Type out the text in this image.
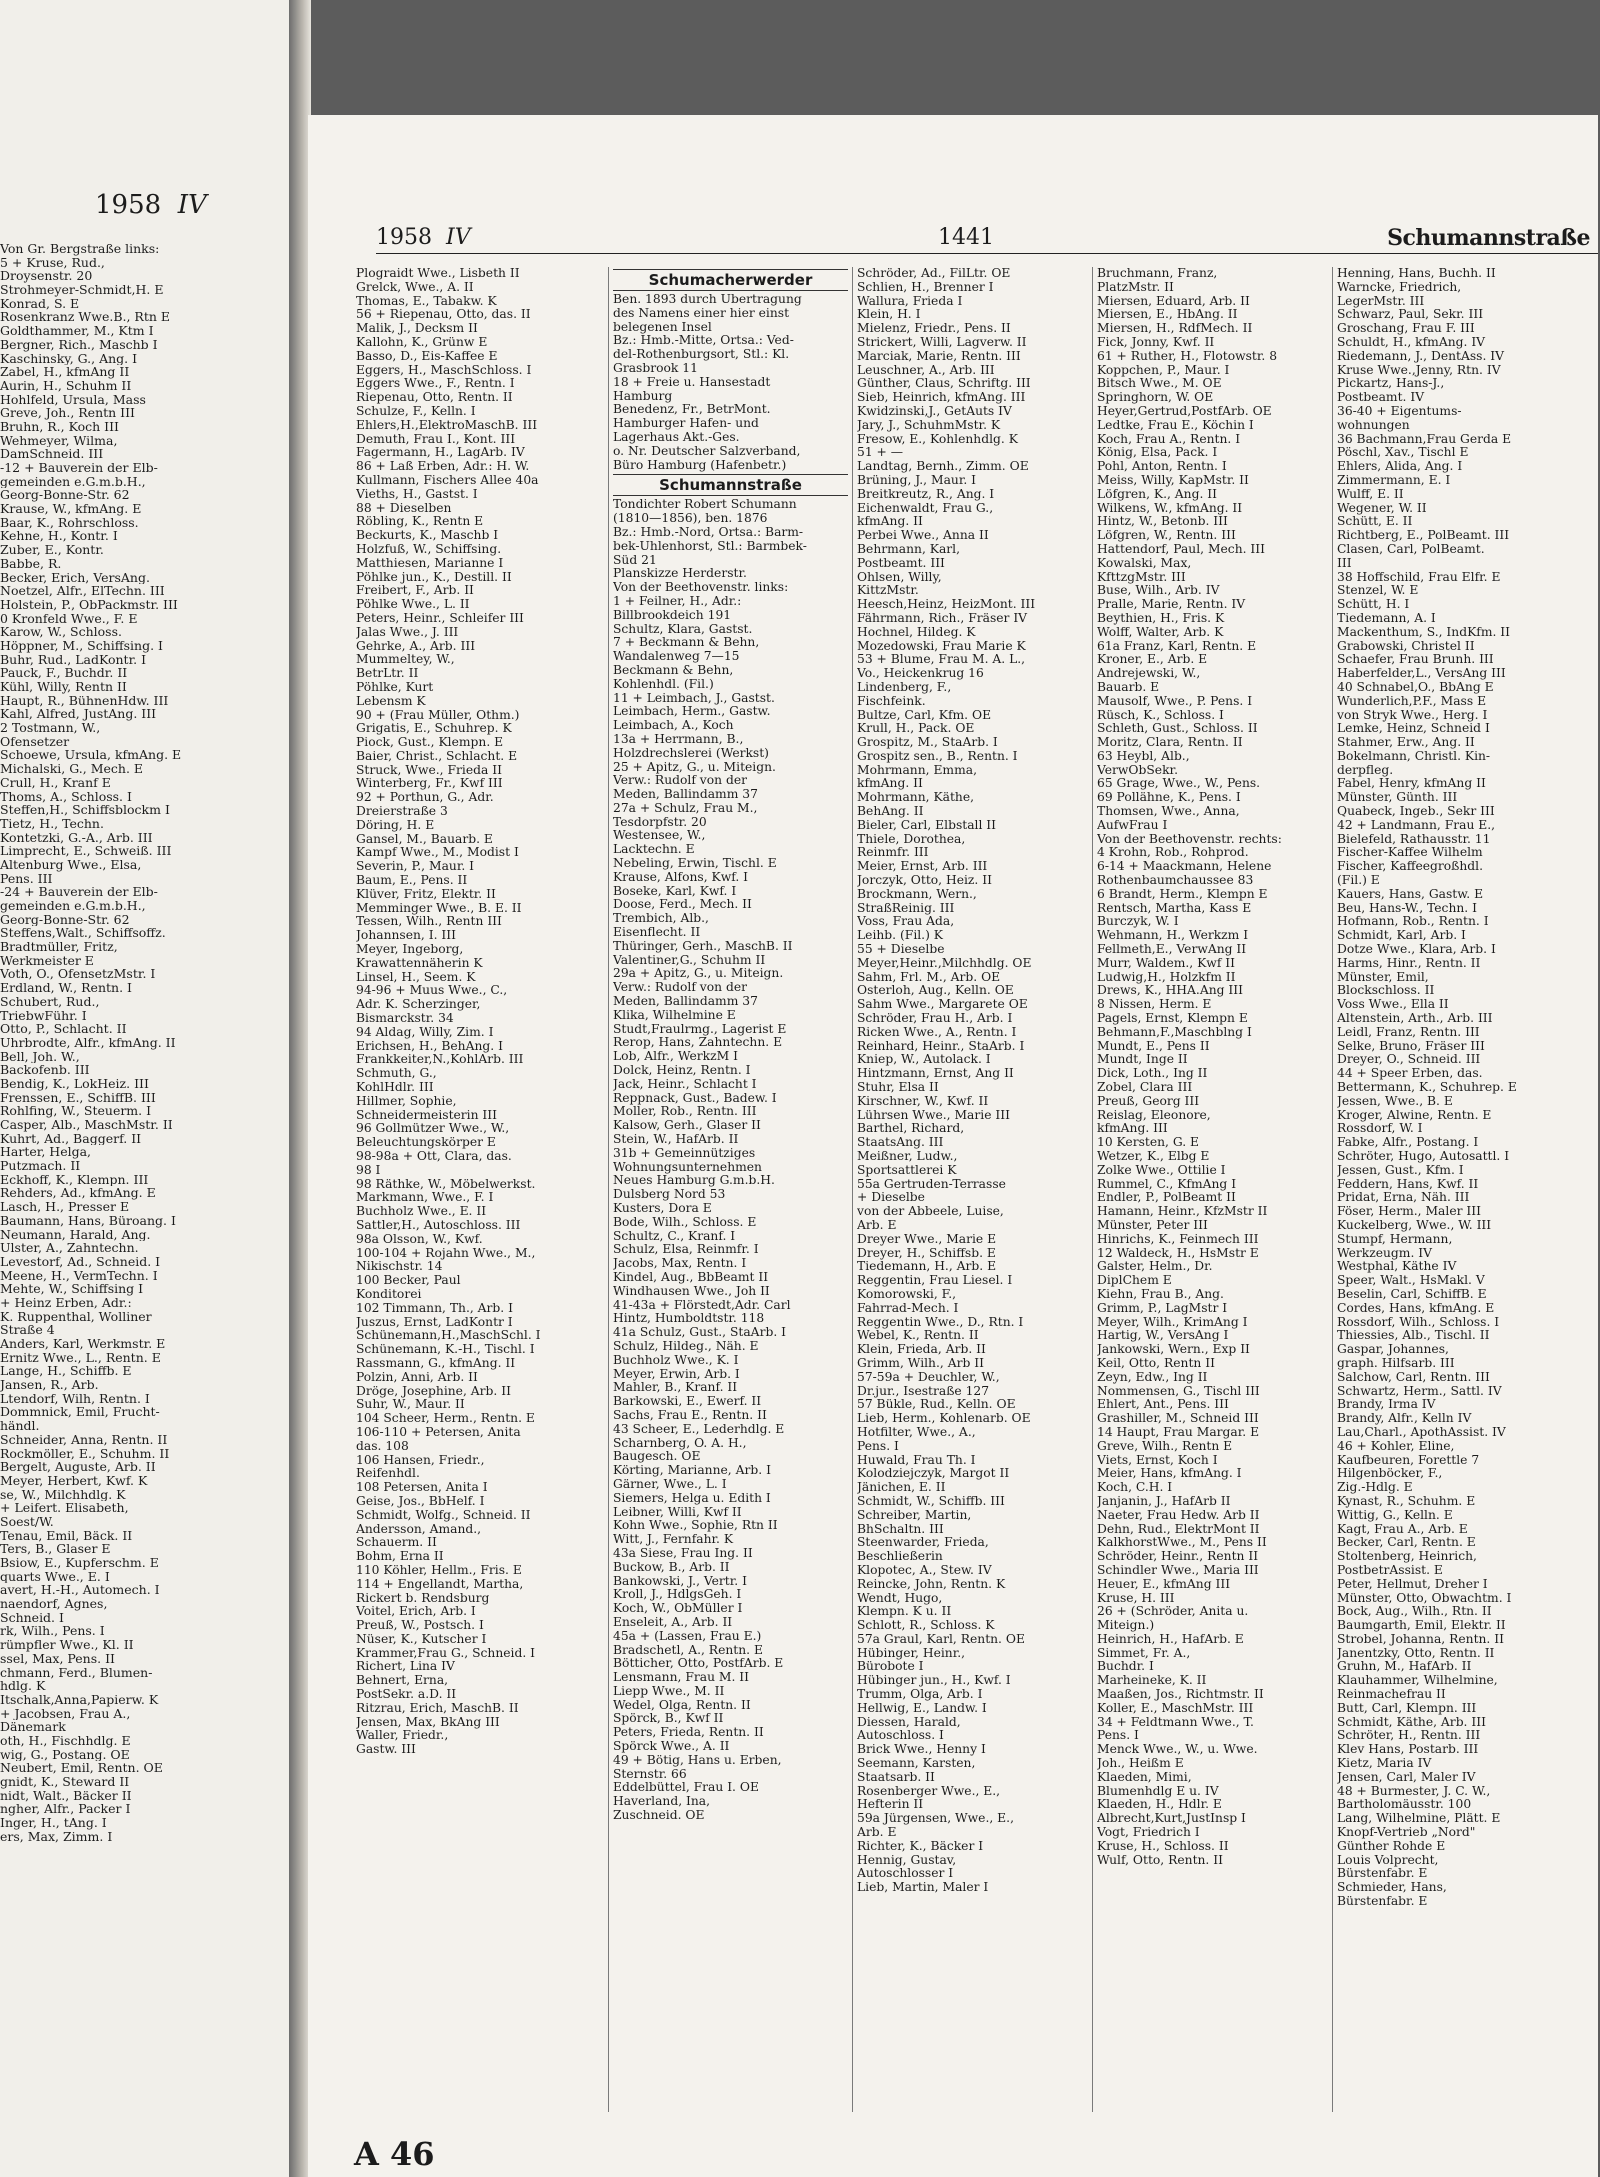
1958 IV
Von Gr. Bergstraße links:
5 + Kruse, Rud.,
Droysenstr. 20
Strohmeyer-Schmidt,H. E
Konrad, S. E
Rosenkranz Wwe.B., Rtn E
Goldthammer, M., Ktm I
Bergner, Rich., Maschb I
Kaschinsky, G., Ang. I
Zabel, H., kfmAng II
Aurin, H., Schuhm II
Hohlfeld, Ursula, Mass
Greve, Joh., Rentn III
Bruhn, R., Koch III
Wehmeyer, Wilma,
DamSchneid. III
-12 + Bauverein der Elb-
gemeinden e.G.m.b.H.,
Georg-Bonne-Str. 62
Krause, W., kfmAng. E
Baar, K., Rohrschloss.
Kehne, H., Kontr. I
Zuber, E., Kontr.
Babbe, R.
Becker, Erich, VersAng.
Noetzel, Alfr., ElTechn. III
Holstein, P., ObPackmstr. III
0 Kronfeld Wwe., F. E
Karow, W., Schloss.
Höppner, M., Schiffsing. I
Buhr, Rud., LadKontr. I
Pauck, F., Buchdr. II
Kühl, Willy, Rentn II
Haupt, R., BühnenHdw. III
Kahl, Alfred, JustAng. III
2 Tostmann, W.,
Ofensetzer
Schoewe, Ursula, kfmAng. E
Michalski, G., Mech. E
Crull, H., Kranf E
Thoms, A., Schloss. I
Steffen,H., Schiffsblockm I
Tietz, H., Techn.
Kontetzki, G.-A., Arb. III
Limprecht, E., Schweiß. III
Altenburg Wwe., Elsa,
Pens. III
-24 + Bauverein der Elb-
gemeinden e.G.m.b.H.,
Georg-Bonne-Str. 62
Steffens,Walt., Schiffsoffz.
Bradtmüller, Fritz,
Werkmeister E
Voth, O., OfensetzMstr. I
Erdland, W., Rentn. I
Schubert, Rud.,
TriebwFühr. I
Otto, P., Schlacht. II
Uhrbrodte, Alfr., kfmAng. II
Bell, Joh. W.,
Backofenb. III
Bendig, K., LokHeiz. III
Frenssen, E., SchiffB. III
Rohlfing, W., Steuerm. I
Casper, Alb., MaschMstr. II
Kuhrt, Ad., Baggerf. II
Harter, Helga,
Putzmach. II
Eckhoff, K., Klempn. III
Rehders, Ad., kfmAng. E
Lasch, H., Presser E
Baumann, Hans, Büroang. I
Neumann, Harald, Ang.
Ulster, A., Zahntechn.
Levestorf, Ad., Schneid. I
Meene, H., VermTechn. I
Mehte, W., Schiffsing I
+ Heinz Erben, Adr.:
K. Ruppenthal, Wolliner
Straße 4
Anders, Karl, Werkmstr. E
Ernitz Wwe., L., Rentn. E
Lange, H., Schiffb. E
Jansen, R., Arb.
Ltendorf, Wilh, Rentn. I
Dommnick, Emil, Frucht-
händl.
Schneider, Anna, Rentn. II
Rockmöller, E., Schuhm. II
Bergelt, Auguste, Arb. II
Meyer, Herbert, Kwf. K
se, W., Milchhdlg. K
+ Leifert. Elisabeth,
Soest/W.
Tenau, Emil, Bäck. II
Ters, B., Glaser E
Bsiow, E., Kupferschm. E
quarts Wwe., E. I
avert, H.-H., Automech. I
naendorf, Agnes,
Schneid. I
rk, Wilh., Pens. I
rümpfler Wwe., Kl. II
ssel, Max, Pens. II
chmann, Ferd., Blumen-
hdlg. K
Itschalk,Anna,Papierw. K
+ Jacobsen, Frau A.,
Dänemark
oth, H., Fischhdlg. E
wig, G., Postang. OE
Neubert, Emil, Rentn. OE
gnidt, K., Steward II
nidt, Walt., Bäcker II
ngher, Alfr., Packer I
Inger, H., tAng. I
ers, Max, Zimm. I
1958 IV	1441	Schumannstraße
Plograidt Wwe., Lisbeth II
Grelck, Wwe., A. II
Thomas, E., Tabakw. K
56 + Riepenau, Otto, das. II
Malik, J., Decksm II
Kallohn, K., Grünw E
Basso, D., Eis-Kaffee E
Eggers, H., MaschSchloss. I
Eggers Wwe., F., Rentn. I
Riepenau, Otto, Rentn. II
Schulze, F., Kelln. I
Ehlers,H.,ElektroMaschB. III
Demuth, Frau I., Kont. III
Fagermann, H., LagArb. IV
86 + Laß Erben, Adr.: H. W.
Kullmann, Fischers Allee 40a
Vieths, H., Gastst. I
88 + Dieselben
Röbling, K., Rentn E
Beckurts, K., Maschb I
Holzfuß, W., Schiffsing.
Matthiesen, Marianne I
Pöhlke jun., K., Destill. II
Freibert, F., Arb. II
Pöhlke Wwe., L. II
Peters, Heinr., Schleifer III
Jalas Wwe., J. III
Gehrke, A., Arb. III
Mummeltey, W.,
BetrLtr. II
Pöhlke, Kurt
Lebensm K
90 + (Frau Müller, Othm.)
Grigatis, E., Schuhrep. K
Piock, Gust., Klempn. E
Baier, Christ., Schlacht. E
Struck, Wwe., Frieda II
Winterberg, Fr., Kwf III
92 + Porthun, G., Adr.
Dreierstraße 3
Döring, H. E
Gansel, M., Bauarb. E
Kampf Wwe., M., Modist I
Severin, P., Maur. I
Baum, E., Pens. II
Klüver, Fritz, Elektr. II
Memminger Wwe., B. E. II
Tessen, Wilh., Rentn III
Johannsen, I. III
Meyer, Ingeborg,
Krawattennäherin K
Linsel, H., Seem. K
94-96 + Muus Wwe., C.,
Adr. K. Scherzinger,
Bismarckstr. 34
94 Aldag, Willy, Zim. I
Erichsen, H., BehAng. I
Frankkeiter,N.,KohlArb. III
Schmuth, G.,
KohlHdlr. III
Hillmer, Sophie,
Schneidermeisterin III
96 Gollmützer Wwe., W.,
Beleuchtungskörper E
98-98a + Ott, Clara, das.
98 I
98 Räthke, W., Möbelwerkst.
Markmann, Wwe., F. I
Buchholz Wwe., E. II
Sattler,H., Autoschloss. III
98a Olsson, W., Kwf.
100-104 + Rojahn Wwe., M.,
Nikischstr. 14
100 Becker, Paul
Konditorei
102 Timmann, Th., Arb. I
Juszus, Ernst, LadKontr I
Schünemann,H.,MaschSchl. I
Schünemann, K.-H., Tischl. I
Rassmann, G., kfmAng. II
Polzin, Anni, Arb. II
Dröge, Josephine, Arb. II
Suhr, W., Maur. II
104 Scheer, Herm., Rentn. E
106-110 + Petersen, Anita
das. 108
106 Hansen, Friedr.,
Reifenhdl.
108 Petersen, Anita I
Geise, Jos., BbHelf. I
Schmidt, Wolfg., Schneid. II
Andersson, Amand.,
Schauerm. II
Bohm, Erna II
110 Köhler, Hellm., Fris. E
114 + Engellandt, Martha,
Rickert b. Rendsburg
Voitel, Erich, Arb. I
Preuß, W., Postsch. I
Nüser, K., Kutscher I
Krammer,Frau G., Schneid. I
Richert, Lina IV
Behnert, Erna,
PostSekr. a.D. II
Ritzrau, Erich, MaschB. II
Jensen, Max, BkAng III
Waller, Friedr.,
Gastw. III
Schumacherwerder
Ben. 1893 durch Übertragung
des Namens einer hier einst
belegenen Insel
Bz.: Hmb.-Mitte, Ortsa.: Ved-
del-Rothenburgsort, Stl.: Kl.
Grasbrook 11
18 + Freie u. Hansestadt
Hamburg
Benedenz, Fr., BetrMont.
Hamburger Hafen- und
Lagerhaus Akt.-Ges.
o. Nr. Deutscher Salzverband,
Büro Hamburg (Hafenbetr.)
Schumannstraße
Tondichter Robert Schumann
(1810—1856), ben. 1876
Bz.: Hmb.-Nord, Ortsa.: Barm-
bek-Uhlenhorst, Stl.: Barmbek-
Süd 21
Planskizze Herderstr.
Von der Beethovenstr. links:
1 + Feilner, H., Adr.:
Billbrookdeich 191
Schultz, Klara, Gastst.
7 + Beckmann & Behn,
Wandalenweg 7—15
Beckmann & Behn,
Kohlenhdl. (Fil.)
11 + Leimbach, J., Gastst.
Leimbach, Herm., Gastw.
Leimbach, A., Koch
13a + Herrmann, B.,
Holzdrechslerei (Werkst)
25 + Apitz, G., u. Miteign.
Verw.: Rudolf von der
Meden, Ballindamm 37
27a + Schulz, Frau M.,
Tesdorpfstr. 20
Westensee, W.,
Lacktechn. E
Nebeling, Erwin, Tischl. E
Krause, Alfons, Kwf. I
Boseke, Karl, Kwf. I
Doose, Ferd., Mech. II
Trembich, Alb.,
Eisenflecht. II
Thüringer, Gerh., MaschB. II
Valentiner,G., Schuhm II
29a + Apitz, G., u. Miteign.
Verw.: Rudolf von der
Meden, Ballindamm 37
Klika, Wilhelmine E
Studt,Fraulrmg., Lagerist E
Rerop, Hans, Zahntechn. E
Lob, Alfr., WerkzM I
Dolck, Heinz, Rentn. I
Jack, Heinr., Schlacht I
Reppnack, Gust., Badew. I
Moller, Rob., Rentn. III
Kalsow, Gerh., Glaser II
Stein, W., HafArb. II
31b + Gemeinnütziges
Wohnungsunternehmen
Neues Hamburg G.m.b.H.
Dulsberg Nord 53
Kusters, Dora E
Bode, Wilh., Schloss. E
Schultz, C., Kranf. I
Schulz, Elsa, Reinmfr. I
Jacobs, Max, Rentn. I
Kindel, Aug., BbBeamt II
Windhausen Wwe., Joh II
41-43a + Flörstedt,Adr. Carl
Hintz, Humboldtstr. 118
41a Schulz, Gust., StaArb. I
Schulz, Hildeg., Näh. E
Buchholz Wwe., K. I
Meyer, Erwin, Arb. I
Mahler, B., Kranf. II
Barkowski, E., Ewerf. II
Sachs, Frau E., Rentn. II
43 Scheer, E., Lederhdlg. E
Scharnberg, O. A. H.,
Baugesch. OE
Körting, Marianne, Arb. I
Gärner, Wwe., L. I
Siemers, Helga u. Edith I
Leibner, Willi, Kwf II
Kohn Wwe., Sophie, Rtn II
Witt, J., Fernfahr. K
43a Siese, Frau Ing. II
Buckow, B., Arb. II
Bankowski, J., Vertr. I
Kroll, J., HdlgsGeh. I
Koch, W., ObMüller I
Enseleit, A., Arb. II
45a + (Lassen, Frau E.)
Bradschetl, A., Rentn. E
Bötticher, Otto, PostfArb. E
Lensmann, Frau M. II
Liepp Wwe., M. II
Wedel, Olga, Rentn. II
Spörck, B., Kwf II
Peters, Frieda, Rentn. II
Spörck Wwe., A. II
49 + Bötig, Hans u. Erben,
Sternstr. 66
Eddelbüttel, Frau I. OE
Haverland, Ina,
Zuschneid. OE
Schröder, Ad., FilLtr. OE
Schlien, H., Brenner I
Wallura, Frieda I
Klein, H. I
Mielenz, Friedr., Pens. II
Strickert, Willi, Lagverw. II
Marciak, Marie, Rentn. III
Leuschner, A., Arb. III
Günther, Claus, Schriftg. III
Sieb, Heinrich, kfmAng. III
Kwidzinski,J., GetAuts IV
Jary, J., SchuhmMstr. K
Fresow, E., Kohlenhdlg. K
51 + —
Landtag, Bernh., Zimm. OE
Brüning, J., Maur. I
Breitkreutz, R., Ang. I
Eichenwaldt, Frau G.,
kfmAng. II
Perbei Wwe., Anna II
Behrmann, Karl,
Postbeamt. III
Ohlsen, Willy,
KittzMstr.
Heesch,Heinz, HeizMont. III
Fährmann, Rich., Fräser IV
Hochnel, Hildeg. K
Mozedowski, Frau Marie K
53 + Blume, Frau M. A. L.,
Vo., Heickenkrug 16
Lindenberg, F.,
Fischfeink.
Bultze, Carl, Kfm. OE
Krull, H., Pack. OE
Grospitz, M., StaArb. I
Grospitz sen., B., Rentn. I
Mohrmann, Emma,
kfmAng. II
Mohrmann, Käthe,
BehAng. II
Bieler, Carl, Elbstall II
Thiele, Dorothea,
Reinmfr. III
Meier, Ernst, Arb. III
Jorczyk, Otto, Heiz. II
Brockmann, Wern.,
StraßReinig. III
Voss, Frau Ada,
Leihb. (Fil.) K
55 + Dieselbe
Meyer,Heinr.,Milchhdlg. OE
Sahm, Frl. M., Arb. OE
Osterloh, Aug., Kelln. OE
Sahm Wwe., Margarete OE
Schröder, Frau H., Arb. I
Ricken Wwe., A., Rentn. I
Reinhard, Heinr., StaArb. I
Kniep, W., Autolack. I
Hintzmann, Ernst, Ang II
Stuhr, Elsa II
Kirschner, W., Kwf. II
Lührsen Wwe., Marie III
Barthel, Richard,
StaatsAng. III
Meißner, Ludw.,
Sportsattlerei K
55a Gertruden-Terrasse
+ Dieselbe
von der Abbeele, Luise,
Arb. E
Dreyer Wwe., Marie E
Dreyer, H., Schiffsb. E
Tiedemann, H., Arb. E
Reggentin, Frau Liesel. I
Komorowski, F.,
Fahrrad-Mech. I
Reggentin Wwe., D., Rtn. I
Webel, K., Rentn. II
Klein, Frieda, Arb. II
Grimm, Wilh., Arb II
57-59a + Deuchler, W.,
Dr.jur., Isestraße 127
57 Bükle, Rud., Kelln. OE
Lieb, Herm., Kohlenarb. OE
Hotfilter, Wwe., A.,
Pens. I
Huwald, Frau Th. I
Kolodziejczyk, Margot II
Jänichen, E. II
Schmidt, W., Schiffb. III
Schreiber, Martin,
BhSchaltn. III
Steenwarder, Frieda,
Beschließerin
Klopotec, A., Stew. IV
Reincke, John, Rentn. K
Wendt, Hugo,
Klempn. K u. II
Schlott, R., Schloss. K
57a Graul, Karl, Rentn. OE
Hübinger, Heinr.,
Bürobote I
Hübinger jun., H., Kwf. I
Trumm, Olga, Arb. I
Hellwig, E., Landw. I
Diessen, Harald,
Autoschloss. I
Brick Wwe., Henny I
Seemann, Karsten,
Staatsarb. II
Rosenberger Wwe., E.,
Hefterin II
59a Jürgensen, Wwe., E.,
Arb. E
Richter, K., Bäcker I
Hennig, Gustav,
Autoschlosser I
Lieb, Martin, Maler I
Bruchmann, Franz,
PlatzMstr. II
Miersen, Eduard, Arb. II
Miersen, E., HbAng. II
Miersen, H., RdfMech. II
Fick, Jonny, Kwf. II
61 + Ruther, H., Flotowstr. 8
Koppchen, P., Maur. I
Bitsch Wwe., M. OE
Springhorn, W. OE
Heyer,Gertrud,PostfArb. OE
Ledtke, Frau E., Köchin I
Koch, Frau A., Rentn. I
König, Elsa, Pack. I
Pohl, Anton, Rentn. I
Meiss, Willy, KapMstr. II
Löfgren, K., Ang. II
Wilkens, W., kfmAng. II
Hintz, W., Betonb. III
Löfgren, W., Rentn. III
Hattendorf, Paul, Mech. III
Kowalski, Max,
KfttzgMstr. III
Buse, Wilh., Arb. IV
Pralle, Marie, Rentn. IV
Beythien, H., Fris. K
Wolff, Walter, Arb. K
61a Franz, Karl, Rentn. E
Kroner, E., Arb. E
Andrejewski, W.,
Bauarb. E
Mausolf, Wwe., P. Pens. I
Rüsch, K., Schloss. I
Schleth, Gust., Schloss. II
Moritz, Clara, Rentn. II
63 Heybl, Alb.,
VerwObSekr.
65 Grage, Wwe., W., Pens.
69 Pollähne, K., Pens. I
Thomsen, Wwe., Anna,
AufwFrau I
Von der Beethovenstr. rechts:
4 Krohn, Rob., Rohprod.
6-14 + Maackmann, Helene
Rothenbaumchaussee 83
6 Brandt, Herm., Klempn E
Rentsch, Martha, Kass E
Burczyk, W. I
Wehmann, H., Werkzm I
Fellmeth,E., VerwAng II
Murr, Waldem., Kwf II
Ludwig,H., Holzkfm II
Drews, K., HHA.Ang III
8 Nissen, Herm. E
Pagels, Ernst, Klempn E
Behmann,F.,Maschblng I
Mundt, E., Pens II
Mundt, Inge II
Dick, Loth., Ing II
Zobel, Clara III
Preuß, Georg III
Reislag, Eleonore,
kfmAng. III
10 Kersten, G. E
Wetzer, K., Elbg E
Zolke Wwe., Ottilie I
Rummel, C., KfmAng I
Endler, P., PolBeamt II
Hamann, Heinr., KfzMstr II
Münster, Peter III
Hinrichs, K., Feinmech III
12 Waldeck, H., HsMstr E
Galster, Helm., Dr.
DiplChem E
Kiehn, Frau B., Ang.
Grimm, P., LagMstr I
Meyer, Wilh., KrimAng I
Hartig, W., VersAng I
Jankowski, Wern., Exp II
Keil, Otto, Rentn II
Zeyn, Edw., Ing II
Nommensen, G., Tischl III
Ehlert, Ant., Pens. III
Grashiller, M., Schneid III
14 Haupt, Frau Margar. E
Greve, Wilh., Rentn E
Viets, Ernst, Koch I
Meier, Hans, kfmAng. I
Koch, C.H. I
Janjanin, J., HafArb II
Naeter, Frau Hedw. Arb II
Dehn, Rud., ElektrMont II
KalkhorstWwe., M., Pens II
Schröder, Heinr., Rentn II
Schindler Wwe., Maria III
Heuer, E., kfmAng III
Kruse, H. III
26 + (Schröder, Anita u.
Miteign.)
Heinrich, H., HafArb. E
Simmet, Fr. A.,
Buchdr. I
Marheineke, K. II
Maaßen, Jos., Richtmstr. II
Koller, E., MaschMstr. III
34 + Feldtmann Wwe., T.
Pens. I
Menck Wwe., W., u. Wwe.
Joh., Heißm E
Klaeden, Mimi,
Blumenhdlg E u. IV
Klaeden, H., Hdlr. E
Albrecht,Kurt,JustInsp I
Vogt, Friedrich I
Kruse, H., Schloss. II
Wulf, Otto, Rentn. II
Henning, Hans, Buchh. II
Warncke, Friedrich,
LegerMstr. III
Schwarz, Paul, Sekr. III
Groschang, Frau F. III
Schuldt, H., kfmAng. IV
Riedemann, J., DentAss. IV
Kruse Wwe.,Jenny, Rtn. IV
Pickartz, Hans-J.,
Postbeamt. IV
36-40 + Eigentums-
wohnungen
36 Bachmann,Frau Gerda E
Pöschl, Xav., Tischl E
Ehlers, Alida, Ang. I
Zimmermann, E. I
Wulff, E. II
Wegener, W. II
Schütt, E. II
Richtberg, E., PolBeamt. III
Clasen, Carl, PolBeamt.
III
38 Hoffschild, Frau Elfr. E
Stenzel, W. E
Schütt, H. I
Tiedemann, A. I
Mackenthum, S., IndKfm. II
Grabowski, Christel II
Schaefer, Frau Brunh. III
Haberfelder,L., VersAng III
40 Schnabel,O., BbAng E
Wunderlich,P.F., Mass E
von Stryk Wwe., Herg. I
Lemke, Heinz, Schneid I
Stahmer, Erw., Ang. II
Bokelmann, Christl. Kin-
derpfleg.
Fabel, Henry, kfmAng II
Münster, Günth. III
Quabeck, Ingeb., Sekr III
42 + Landmann, Frau E.,
Bielefeld, Rathausstr. 11
Fischer-Kaffee Wilhelm
Fischer, Kaffeegroßhdl.
(Fil.) E
Kauers, Hans, Gastw. E
Beu, Hans-W., Techn. I
Hofmann, Rob., Rentn. I
Schmidt, Karl, Arb. I
Dotze Wwe., Klara, Arb. I
Harms, Hinr., Rentn. II
Münster, Emil,
Blockschloss. II
Voss Wwe., Ella II
Altenstein, Arth., Arb. III
Leidl, Franz, Rentn. III
Selke, Bruno, Fräser III
Dreyer, O., Schneid. III
44 + Speer Erben, das.
Bettermann, K., Schuhrep. E
Jessen, Wwe., B. E
Kroger, Alwine, Rentn. E
Rossdorf, W. I
Fabke, Alfr., Postang. I
Schröter, Hugo, Autosattl. I
Jessen, Gust., Kfm. I
Feddern, Hans, Kwf. II
Pridat, Erna, Näh. III
Föser, Herm., Maler III
Kuckelberg, Wwe., W. III
Stumpf, Hermann,
Werkzeugm. IV
Westphal, Käthe IV
Speer, Walt., HsMakl. V
Beselin, Carl, SchiffB. E
Cordes, Hans, kfmAng. E
Rossdorf, Wilh., Schloss. I
Thiessies, Alb., Tischl. II
Gaspar, Johannes,
graph. Hilfsarb. III
Salchow, Carl, Rentn. III
Schwartz, Herm., Sattl. IV
Brandy, Irma IV
Brandy, Alfr., Kelln IV
Lau,Charl., ApothAssist. IV
46 + Kohler, Eline,
Kaufbeuren, Forettle 7
Hilgenböcker, F.,
Zig.-Hdlg. E
Kynast, R., Schuhm. E
Wittig, G., Kelln. E
Kagt, Frau A., Arb. E
Becker, Carl, Rentn. E
Stoltenberg, Heinrich,
PostbetrAssist. E
Peter, Hellmut, Dreher I
Münster, Otto, Obwachtm. I
Bock, Aug., Wilh., Rtn. II
Baumgarth, Emil, Elektr. II
Strobel, Johanna, Rentn. II
Janentzky, Otto, Rentn. II
Gruhn, M., HafArb. II
Klauhammer, Wilhelmine,
Reinmachefrau II
Butt, Carl, Klempn. III
Schmidt, Käthe, Arb. III
Schröter, H., Rentn. III
Klev Hans, Postarb. III
Kietz, Maria IV
Jensen, Carl, Maler IV
48 + Burmester, J. C. W.,
Bartholomäusstr. 100
Lang, Wilhelmine, Plätt. E
Knopf-Vertrieb „Nord"
Günther Rohde E
Louis Volprecht,
Bürstenfabr. E
Schmieder, Hans,
Bürstenfabr. E
A 46
